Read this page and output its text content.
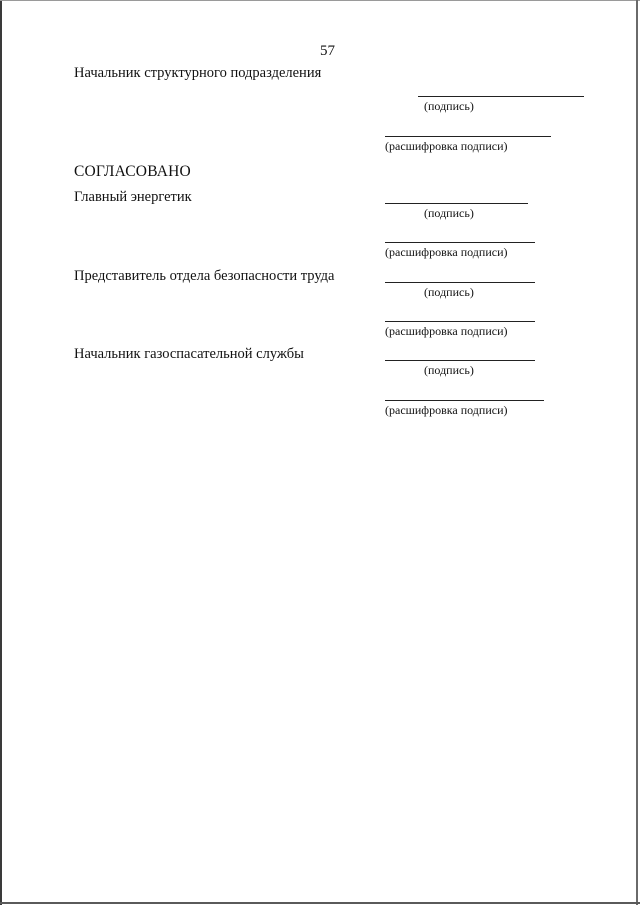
57
Начальник структурного подразделения
(подпись)
(расшифровка подписи)
СОГЛАСОВАНО
Главный энергетик
(подпись)
(расшифровка подписи)
Представитель отдела безопасности труда
(подпись)
(расшифровка подписи)
Начальник газоспасательной службы
(подпись)
(расшифровка подписи)
